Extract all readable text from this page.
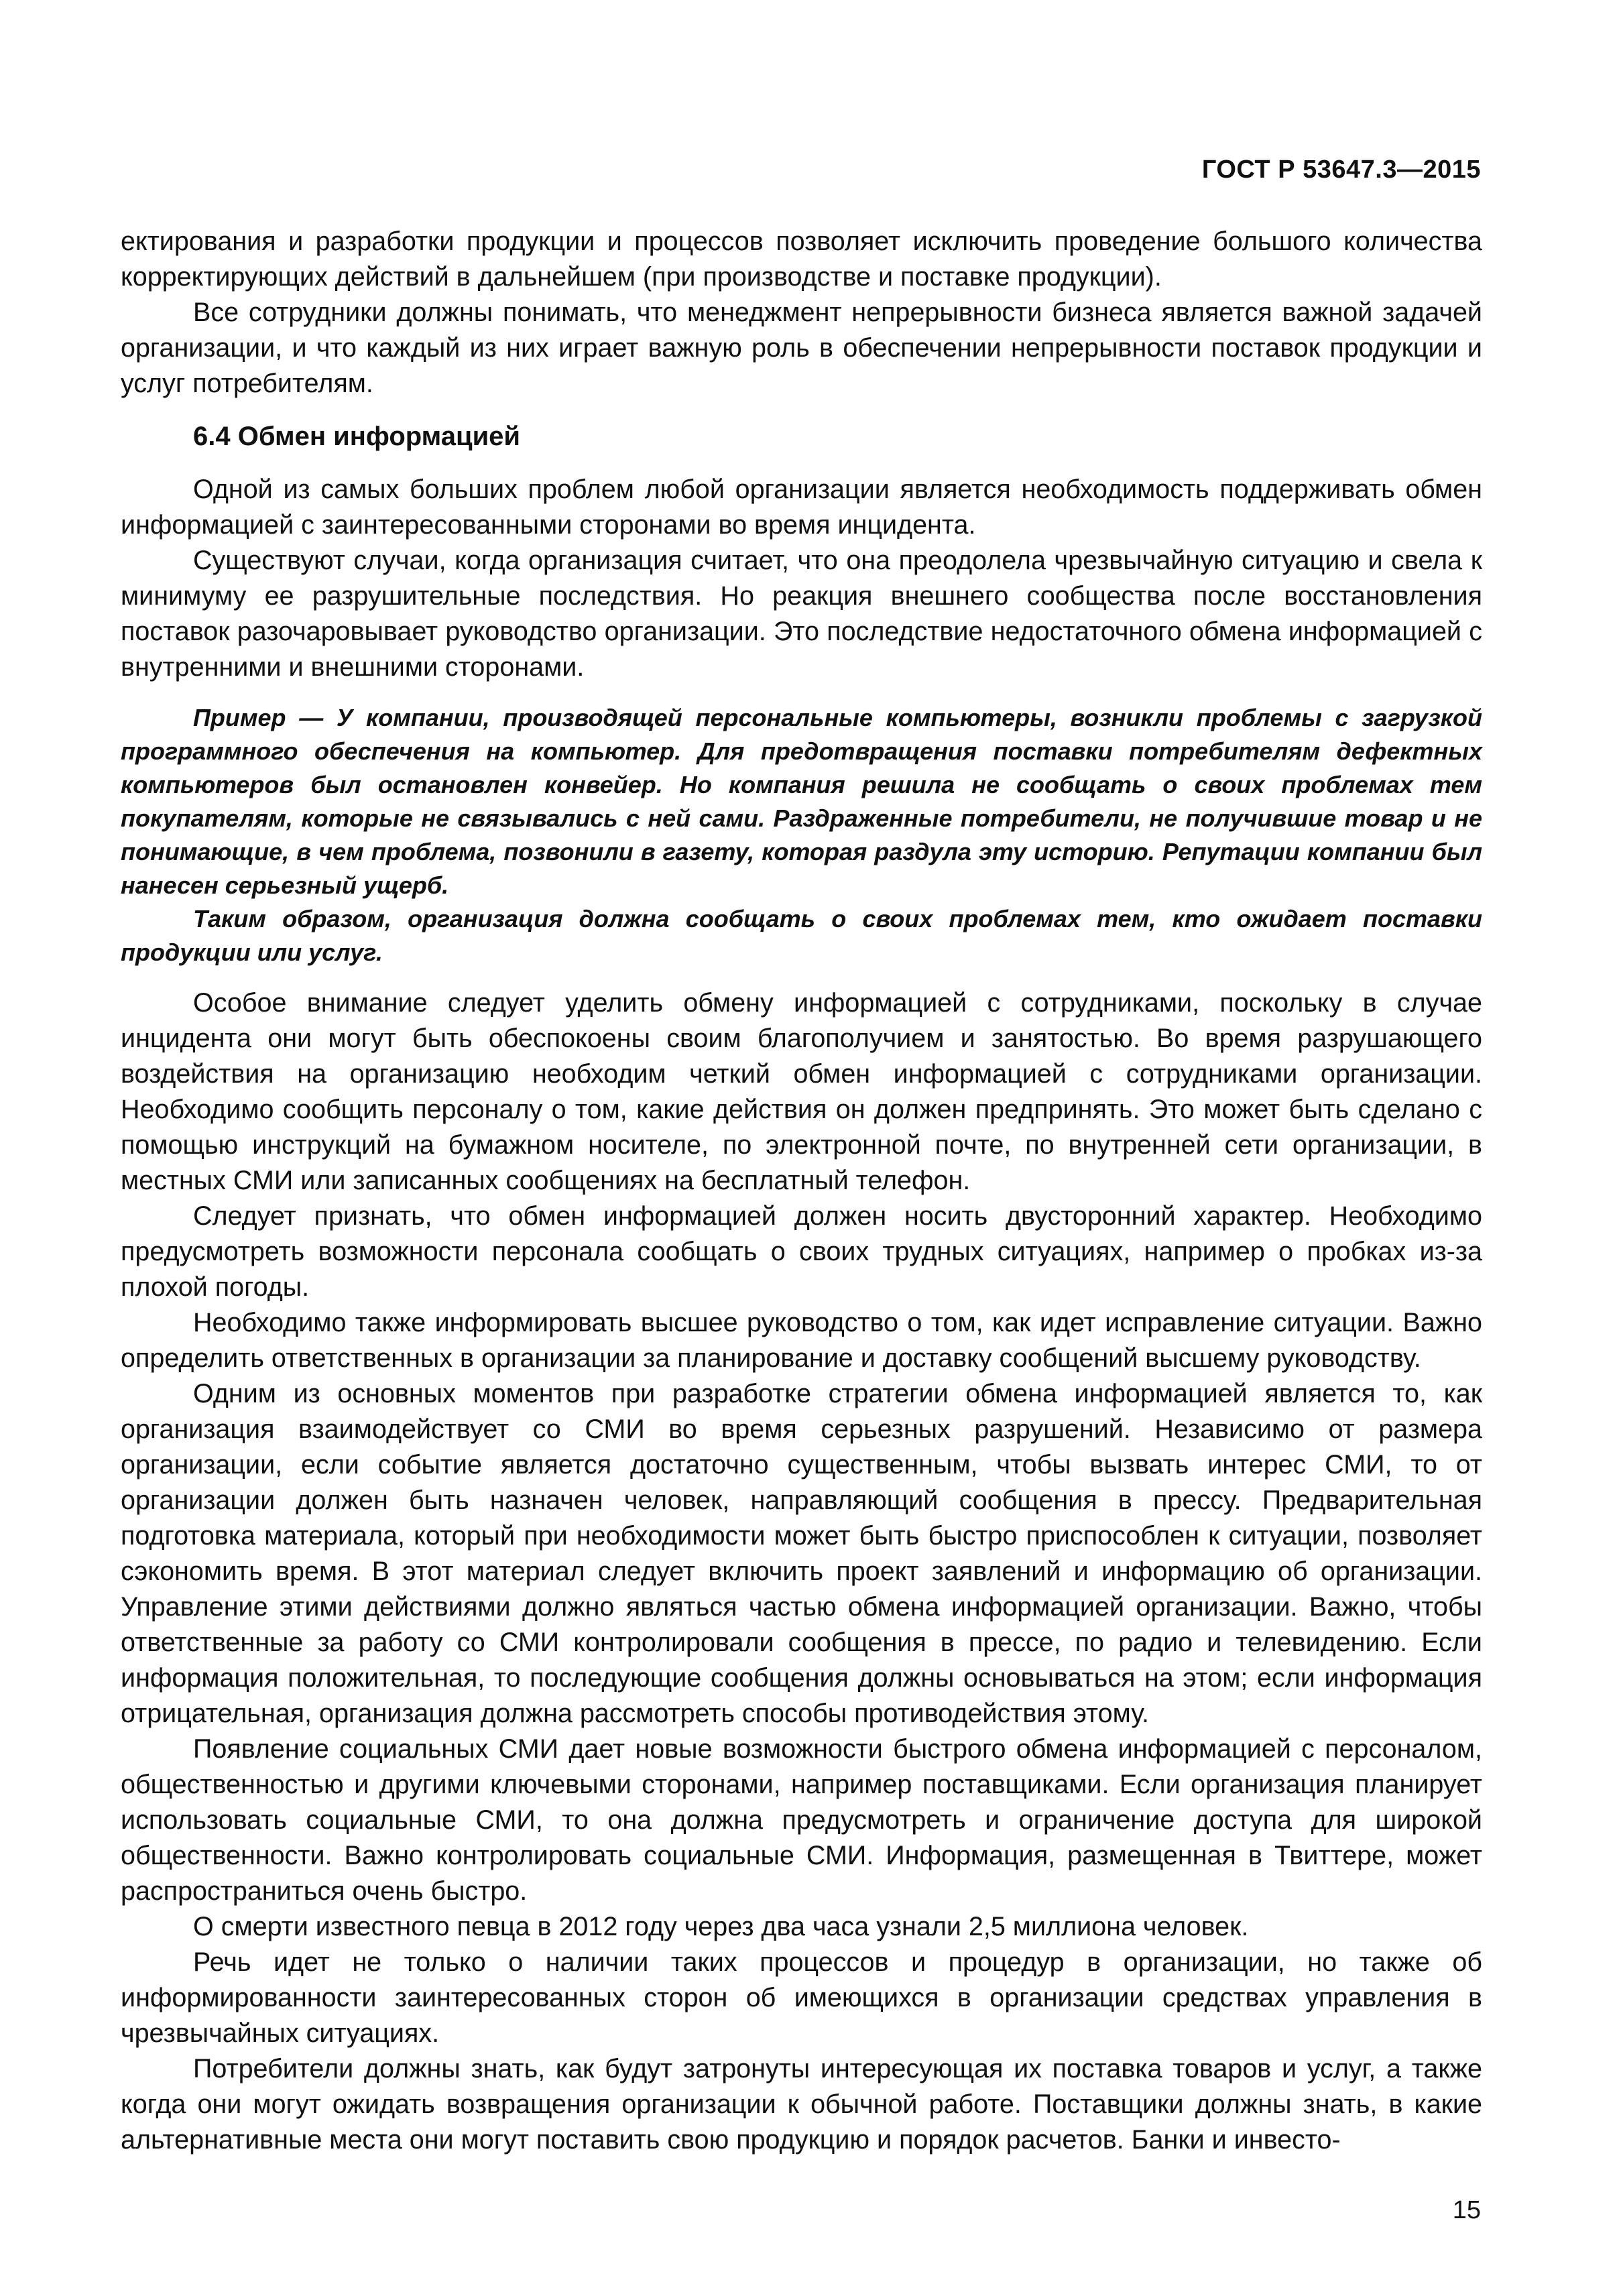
ГОСТ Р 53647.3—2015

ектирования и разработки продукции и процессов позволяет исключить проведение большого количества корректирующих действий в дальнейшем (при производстве и поставке продукции).

Все сотрудники должны понимать, что менеджмент непрерывности бизнеса является важной задачей организации, и что каждый из них играет важную роль в обеспечении непрерывности поставок продукции и услуг потребителям.

6.4 Обмен информацией

Одной из самых больших проблем любой организации является необходимость поддерживать обмен информацией с заинтересованными сторонами во время инцидента.

Существуют случаи, когда организация считает, что она преодолела чрезвычайную ситуацию и свела к минимуму ее разрушительные последствия. Но реакция внешнего сообщества после восстановления поставок разочаровывает руководство организации. Это последствие недостаточного обмена информацией с внутренними и внешними сторонами.

Пример — У компании, производящей персональные компьютеры, возникли проблемы с загрузкой программного обеспечения на компьютер. Для предотвращения поставки потребителям дефектных компьютеров был остановлен конвейер. Но компания решила не сообщать о своих проблемах тем покупателям, которые не связывались с ней сами. Раздраженные потребители, не получившие товар и не понимающие, в чем проблема, позвонили в газету, которая раздула эту историю. Репутации компании был нанесен серьезный ущерб.

Таким образом, организация должна сообщать о своих проблемах тем, кто ожидает поставки продукции или услуг.

Особое внимание следует уделить обмену информацией с сотрудниками, поскольку в случае инцидента они могут быть обеспокоены своим благополучием и занятостью. Во время разрушающего воздействия на организацию необходим четкий обмен информацией с сотрудниками организации. Необходимо сообщить персоналу о том, какие действия он должен предпринять. Это может быть сделано с помощью инструкций на бумажном носителе, по электронной почте, по внутренней сети организации, в местных СМИ или записанных сообщениях на бесплатный телефон.

Следует признать, что обмен информацией должен носить двусторонний характер. Необходимо предусмотреть возможности персонала сообщать о своих трудных ситуациях, например о пробках из-за плохой погоды.

Необходимо также информировать высшее руководство о том, как идет исправление ситуации. Важно определить ответственных в организации за планирование и доставку сообщений высшему руководству.

Одним из основных моментов при разработке стратегии обмена информацией является то, как организация взаимодействует со СМИ во время серьезных разрушений. Независимо от размера организации, если событие является достаточно существенным, чтобы вызвать интерес СМИ, то от организации должен быть назначен человек, направляющий сообщения в прессу. Предварительная подготовка материала, который при необходимости может быть быстро приспособлен к ситуации, позволяет сэкономить время. В этот материал следует включить проект заявлений и информацию об организации. Управление этими действиями должно являться частью обмена информацией организации. Важно, чтобы ответственные за работу со СМИ контролировали сообщения в прессе, по радио и телевидению. Если информация положительная, то последующие сообщения должны основываться на этом; если информация отрицательная, организация должна рассмотреть способы противодействия этому.

Появление социальных СМИ дает новые возможности быстрого обмена информацией с персоналом, общественностью и другими ключевыми сторонами, например поставщиками. Если организация планирует использовать социальные СМИ, то она должна предусмотреть и ограничение доступа для широкой общественности. Важно контролировать социальные СМИ. Информация, размещенная в Твиттере, может распространиться очень быстро.

О смерти известного певца в 2012 году через два часа узнали 2,5 миллиона человек.

Речь идет не только о наличии таких процессов и процедур в организации, но также об информированности заинтересованных сторон об имеющихся в организации средствах управления в чрезвычайных ситуациях.

Потребители должны знать, как будут затронуты интересующая их поставка товаров и услуг, а также когда они могут ожидать возвращения организации к обычной работе. Поставщики должны знать, в какие альтернативные места они могут поставить свою продукцию и порядок расчетов. Банки и инвесто-

15
